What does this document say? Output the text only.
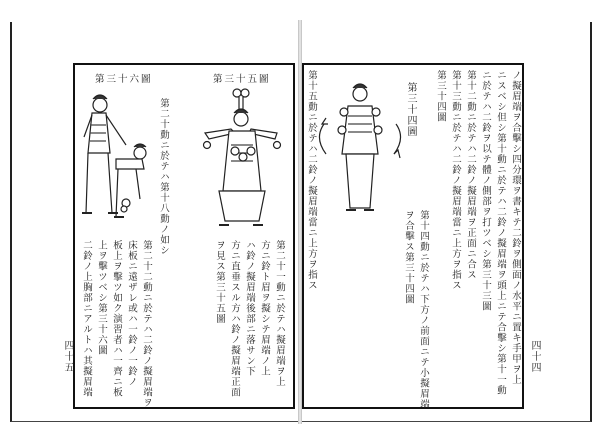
第三十六圖	第三十五圖
第二十動ニ於テハ第十八動ノ如シ
第二十一動ニ於テハ擬眉端ヲ上
方ニ鈴ト眉ヲ擬シテ眉端ノ上
ハ鈴ノ擬眉端後部ニ落サン下
方ニ直垂スル方ハ鈴ノ擬眉端正面
ヲ見ス第三十五圖
第二十二動ニ於テハ二鈴ノ擬眉端ヲ
床板ニ遠ザレ或ハ一鈴ノ一鈴ノ
板上ヲ擊ツ如ク演習者ハ一齊ニ板
上ヲ擊ツベシ第三十六圖
二鈴ノ上胸部ニアルトハ其擬眉端
四十五
第三十四圖	ノ擬眉端ヲ合擊シ四分環ヲ書キテ二鈴ヲ側面ノ水平ニ置キ手甲ヲ上
ニスベシ但シ第十動ニ於テハ二鈴ノ擬眉端ヲ頭上ニテ合擊シ第十一動
ニ於テハ二鈴ヲ以テ體ノ側部ヲ打ツベシ第三十三圖
第十二動ニ於テハ二鈴ノ擬眉端ヲ正面ニ合ス
第十三動ニ於テハ二鈴ノ擬眉端當ニ上方ヲ指ス
第三十四圖
第十四動ニ於テハ下方ノ前面ニテ小擬眉端
ヲ合擊ス第三十四圖
第十五動ニ於テハ二鈴ノ擬眉端當ニ上方ヲ指ス
四十四
